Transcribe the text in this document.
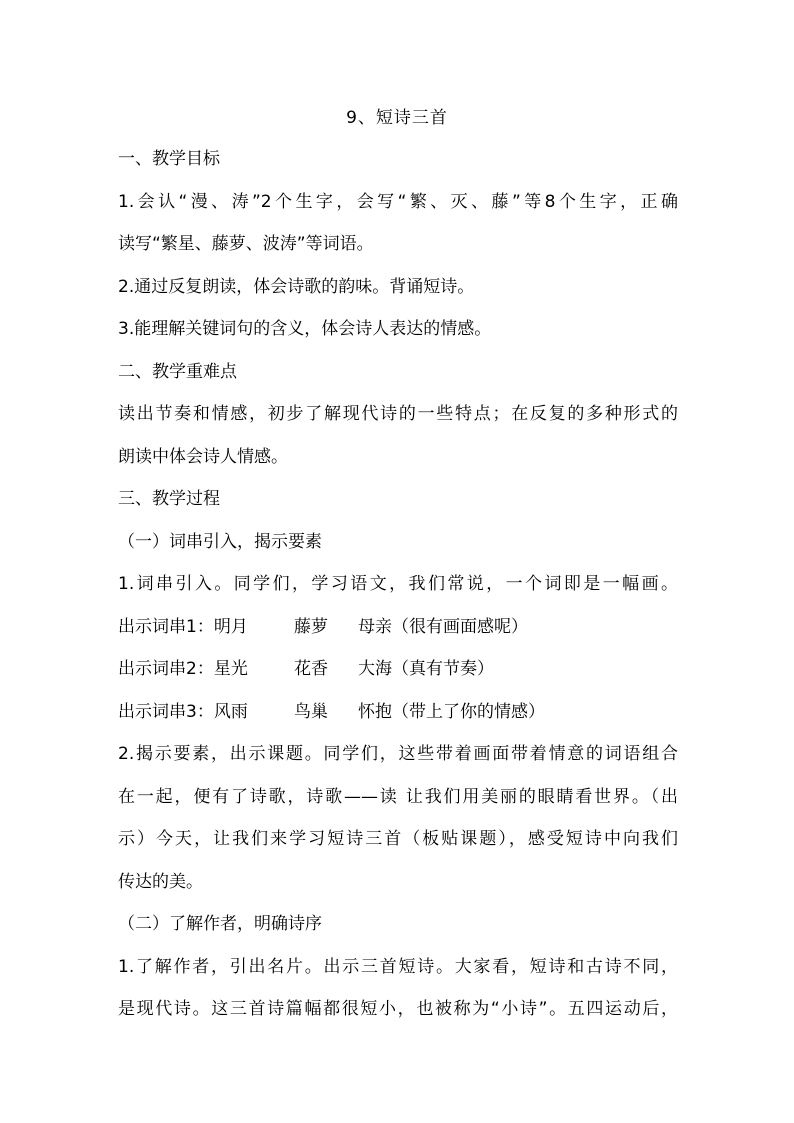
9、短诗三首
一、教学目标
1.会认“漫、涛”2个生字，会写“繁、灭、藤”等8个生字，正确
读写“繁星、藤萝、波涛”等词语。
2.通过反复朗读，体会诗歌的韵味。背诵短诗。
3.能理解关键词句的含义，体会诗人表达的情感。
二、教学重难点
读出节奏和情感，初步了解现代诗的一些特点；在反复的多种形式的
朗读中体会诗人情感。
三、教学过程
（一）词串引入，揭示要素
1.词串引入。同学们，学习语文，我们常说，一个词即是一幅画。
出示词串1：明月	藤萝	母亲（很有画面感呢）
出示词串2：星光	花香	大海（真有节奏）
出示词串3：风雨	鸟巢	怀抱（带上了你的情感）
2.揭示要素，出示课题。同学们，这些带着画面带着情意的词语组合
在一起，便有了诗歌，诗歌——读 让我们用美丽的眼睛看世界。（出
示）今天，让我们来学习短诗三首（板贴课题），感受短诗中向我们
传达的美。
（二）了解作者，明确诗序
1.了解作者，引出名片。出示三首短诗。大家看，短诗和古诗不同，
是现代诗。这三首诗篇幅都很短小，也被称为“小诗”。五四运动后，
